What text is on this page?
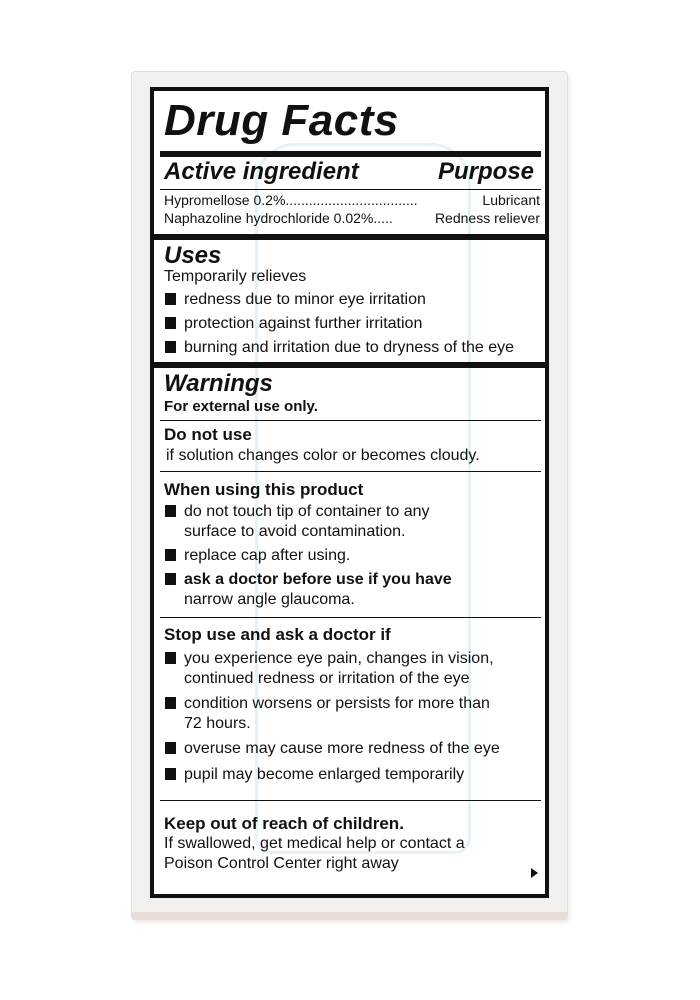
Drug Facts
Active ingredient	Purpose
Hypromellose 0.2% ..................................	Lubricant
Naphazoline hydrochloride 0.02% .....	Redness reliever
Uses
Temporarily relieves
redness due to minor eye irritation
protection against further irritation
burning and irritation due to dryness of the eye
Warnings
For external use only.
Do not use
if solution changes color or becomes cloudy.
When using this product
do not touch tip of container to any
surface to avoid contamination.
replace cap after using.
ask a doctor before use if you have
narrow angle glaucoma.
Stop use and ask a doctor if
you experience eye pain, changes in vision,
continued redness or irritation of the eye
condition worsens or persists for more than
72 hours.
overuse may cause more redness of the eye
pupil may become enlarged temporarily
Keep out of reach of children.
If swallowed, get medical help or contact a
Poison Control Center right away
